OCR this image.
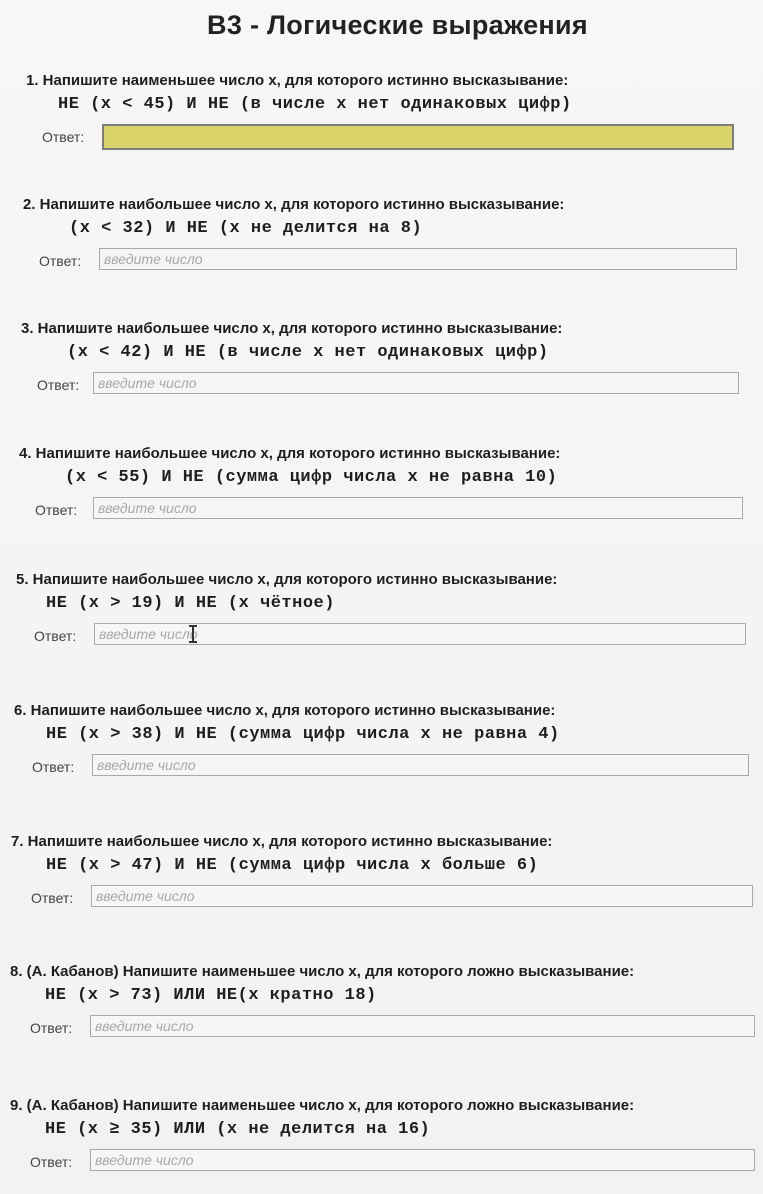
B3 - Логические выражения
1. Напишите наименьшее число x, для которого истинно высказывание:
НЕ (x < 45) И НЕ (в числе x нет одинаковых цифр)
Ответ:
2. Напишите наибольшее число x, для которого истинно высказывание:
(x < 32) И НЕ (x не делится на 8)
Ответ:
введите число
3. Напишите наибольшее число x, для которого истинно высказывание:
(x < 42) И НЕ (в числе x нет одинаковых цифр)
Ответ:
введите число
4. Напишите наибольшее число x, для которого истинно высказывание:
(x < 55) И НЕ (сумма цифр числа x не равна 10)
Ответ:
введите число
5. Напишите наибольшее число x, для которого истинно высказывание:
НЕ (x > 19) И НЕ (x чётное)
Ответ:
введите число
6. Напишите наибольшее число x, для которого истинно высказывание:
НЕ (x > 38) И НЕ (сумма цифр числа x не равна 4)
Ответ:
введите число
7. Напишите наибольшее число x, для которого истинно высказывание:
НЕ (x > 47) И НЕ (сумма цифр числа x больше 6)
Ответ:
введите число
8. (А. Кабанов) Напишите наименьшее число x, для которого ложно высказывание:
НЕ (x > 73) ИЛИ НЕ(x кратно 18)
Ответ:
введите число
9. (А. Кабанов) Напишите наименьшее число x, для которого ложно высказывание:
НЕ (x ≥ 35) ИЛИ (x не делится на 16)
Ответ:
введите число
